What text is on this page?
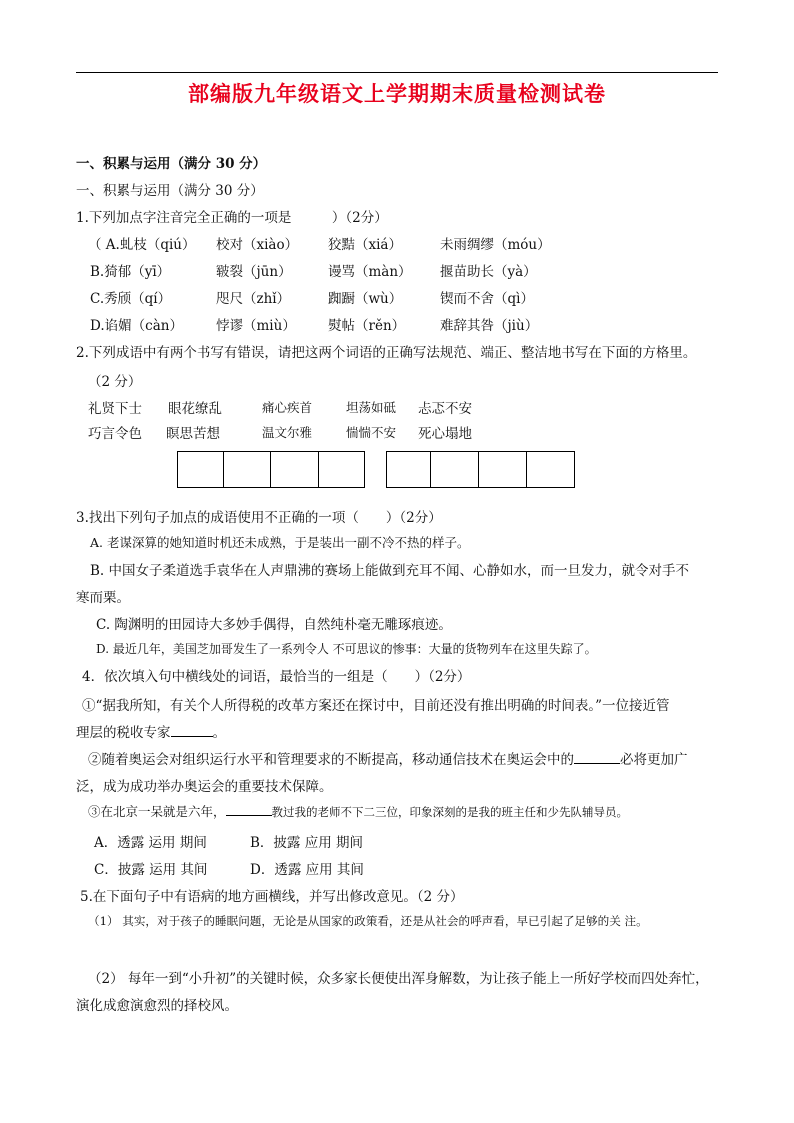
部编版九年级语文上学期期末质量检测试卷
一、积累与运用（满分 30 分）
一、积累与运用（满分 30 分）
1.下列加点字注音完全正确的一项是　　　）（2分）
（ A.虬枝（qiú） 校对（xiào） 狡黠（xiá）	未雨绸缪（móu）
B.猗郁（yī）	皲裂（jūn）	谩骂（màn） 揠苗助长（yà）
C.秀颀（qí）	咫尺（zhǐ）	踟蹰（wù）	锲而不舍（qì）
D.谄媚（càn） 悖谬（miù） 熨帖（rěn）	难辞其咎（jiù）
2.下列成语中有两个书写有错误，请把这两个词语的正确写法规范、端正、整洁地书写在下面的方格里。
（2 分）
礼贤下士 眼花缭乱	痛心疾首	坦荡如砥 忐忑不安
巧言令色 瞑思苦想	温文尔雅	惴惴不安 死心塌地
3.找出下列句子加点的成语使用不正确的一项（　　）（2分）
A. 老谋深算的她知道时机还未成熟，于是装出一副不冷不热的样子。
B. 中国女子柔道选手袁华在人声鼎沸的赛场上能做到充耳不闻、心静如水，而一旦发力，就令对手不
寒而栗。
C. 陶渊明的田园诗大多妙手偶得，自然纯朴毫无雕琢痕迹。
D. 最近几年，美国芝加哥发生了一系列令人 不可思议的惨事：大量的货物列车在这里失踪了。
4．依次填入句中横线处的词语，最恰当的一组是（　　）（2分）
①“据我所知，有关个人所得税的改革方案还在探讨中，目前还没有推出明确的时间表。”一位接近管
理层的税收专家	。
②随着奥运会对组织运行水平和管理要求的不断提高，移动通信技术在奥运会中的	必将更加广
泛，成为成功举办奥运会的重要技术保障。
③在北京一呆就是六年，	教过我的老师不下二三位，印象深刻的是我的班主任和少先队辅导员。
A．透露 运用 期间	B．披露 应用 期间
C．披露 运用 其间	D．透露 应用 其间
5.在下面句子中有语病的地方画横线，并写出修改意见。（2 分）
（1） 其实，对于孩子的睡眠问题，无论是从国家的政策看，还是从社会的呼声看，早已引起了足够的关 注。
（2） 每年一到“小升初”的关键时候，众多家长便使出浑身解数，为让孩子能上一所好学校而四处奔忙，
演化成愈演愈烈的择校风。
